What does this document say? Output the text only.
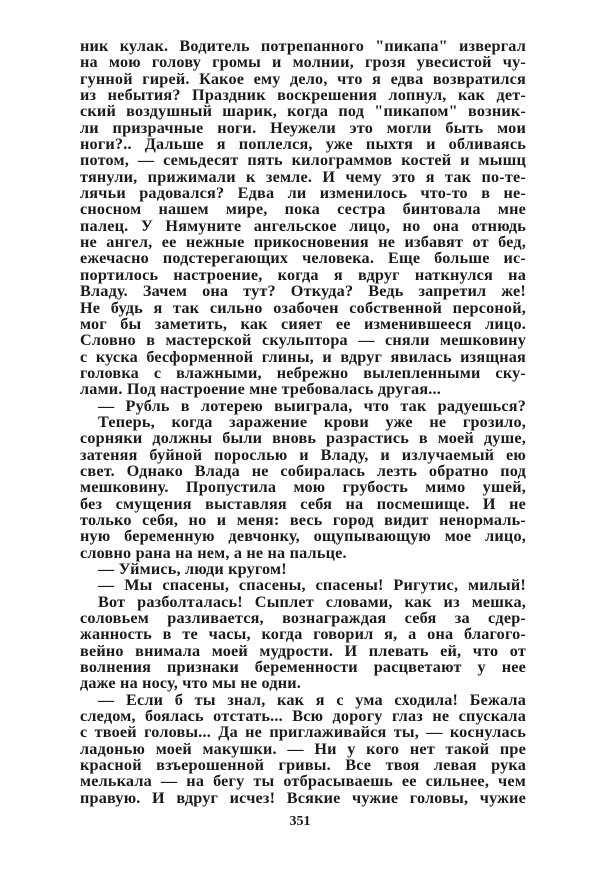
ник кулак. Водитель потрепанного "пикапа" извергал
на мою голову громы и молнии, грозя увесистой чу-
гунной гирей. Какое ему дело, что я едва возвратился
из небытия? Праздник воскрешения лопнул, как дет-
ский воздушный шарик, когда под "пикапом" возник-
ли призрачные ноги. Неужели это могли быть мои
ноги?.. Дальше я поплелся, уже пыхтя и обливаясь
потом, — семьдесят пять килограммов костей и мышц
тянули, прижимали к земле. И чему это я так по-те-
лячьи радовался? Едва ли изменилось что-то в не-
сносном нашем мире, пока сестра бинтовала мне
палец. У Нямуните ангельское лицо, но она отнюдь
не ангел, ее нежные прикосновения не избавят от бед,
ежечасно подстерегающих человека. Еще больше ис-
портилось настроение, когда я вдруг наткнулся на
Владу. Зачем она тут? Откуда? Ведь запретил же!
Не будь я так сильно озабочен собственной персоной,
мог бы заметить, как сияет ее изменившееся лицо.
Словно в мастерской скульптора — сняли мешковину
с куска бесформенной глины, и вдруг явилась изящная
головка с влажными, небрежно вылепленными ску-
лами. Под настроение мне требовалась другая...
— Рубль в лотерею выиграла, что так радуешься?
Теперь, когда заражение крови уже не грозило,
сорняки должны были вновь разрастись в моей душе,
затеняя буйной порослью и Владу, и излучаемый ею
свет. Однако Влада не собиралась лезть обратно под
мешковину. Пропустила мою грубость мимо ушей,
без смущения выставляя себя на посмешище. И не
только себя, но и меня: весь город видит ненормаль-
ную беременную девчонку, ощупывающую мое лицо,
словно рана на нем, а не на пальце.
— Уймись, люди кругом!
— Мы спасены, спасены, спасены! Ригутис, милый!
Вот разболталась! Сыплет словами, как из мешка,
соловьем разливается, вознаграждая себя за сдер-
жанность в те часы, когда говорил я, а она благого-
вейно внимала моей мудрости. И плевать ей, что от
волнения признаки беременности расцветают у нее
даже на носу, что мы не одни.
— Если б ты знал, как я с ума сходила! Бежала
следом, боялась отстать... Всю дорогу глаз не спускала
с твоей головы... Да не приглаживайся ты, — коснулась
ладонью моей макушки. — Ни у кого нет такой пре
красной взъерошенной гривы. Все твоя левая рука
мелькала — на бегу ты отбрасываешь ее сильнее, чем
правую. И вдруг исчез! Всякие чужие головы, чужие
351
